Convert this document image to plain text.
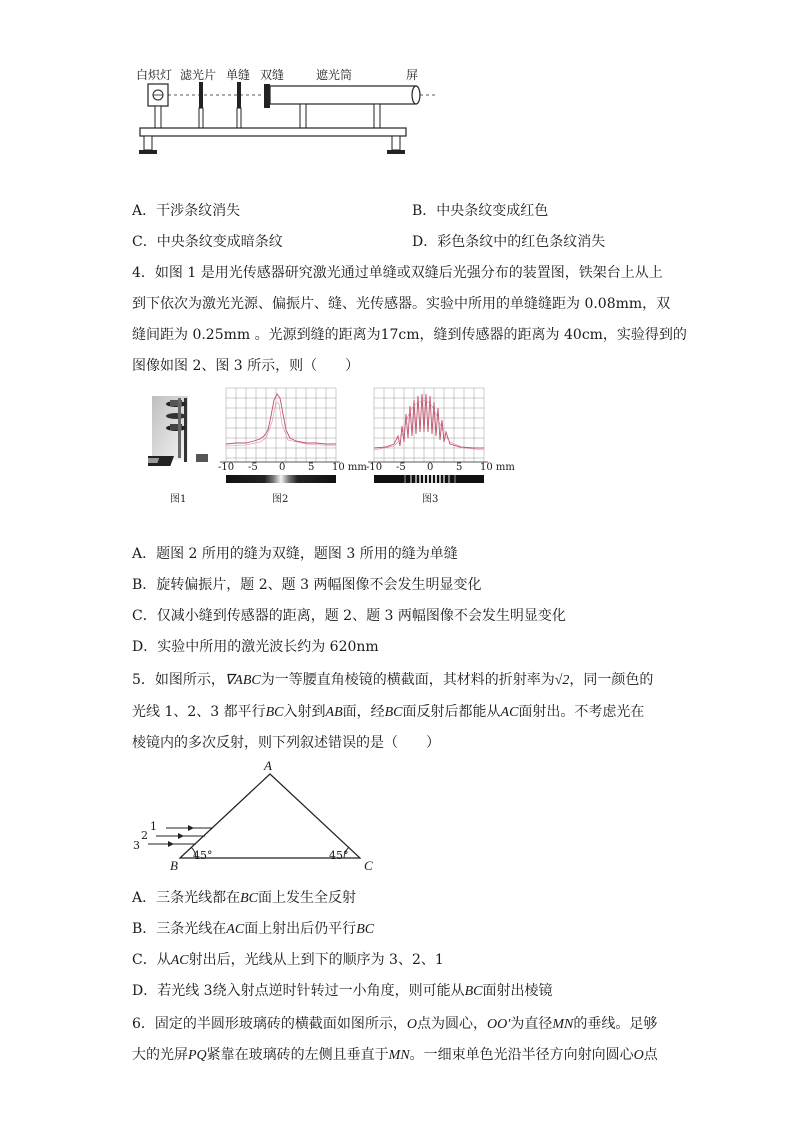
白炽灯 滤光片 单缝 双缝	遮光筒	屏
A．干涉条纹消失	B．中央条纹变成红色
C．中央条纹变成暗条纹	D．彩色条纹中的红色条纹消失
4．如图 1 是用光传感器研究激光通过单缝或双缝后光强分布的装置图，铁架台上从上
到下依次为激光光源、偏振片、缝、光传感器。实验中所用的单缝缝距为 0.08mm，双
缝间距为 0.25mm 。光源到缝的距离为17cm，缝到传感器的距离为 40cm，实验得到的
图像如图 2、图 3 所示，则（　　）
图1
-10 -5 0 5 10 mm
图2
-10 -5 0 5 10 mm
图3
A．题图 2 所用的缝为双缝，题图 3 所用的缝为单缝
B．旋转偏振片，题 2、题 3 两幅图像不会发生明显变化
C．仅减小缝到传感器的距离，题 2、题 3 两幅图像不会发生明显变化
D．实验中所用的激光波长约为 620nm
5．如图所示，∇ABC为一等腰直角棱镜的横截面，其材料的折射率为√2，同一颜色的
光线 1、2、3 都平行BC入射到AB面，经BC面反射后都能从AC面射出。不考虑光在
棱镜内的多次反射，则下列叙述错误的是（　　）
A
B	C
45°	45°
1
2
3
A．三条光线都在BC面上发生全反射
B．三条光线在AC面上射出后仍平行BC
C．从AC射出后，光线从上到下的顺序为 3、2、1
D．若光线 3绕入射点逆时针转过一小角度，则可能从BC面射出棱镜
6．固定的半圆形玻璃砖的横截面如图所示，O点为圆心，OO′为直径MN的垂线。足够
大的光屏PQ紧靠在玻璃砖的左侧且垂直于MN。一细束单色光沿半径方向射向圆心O点
